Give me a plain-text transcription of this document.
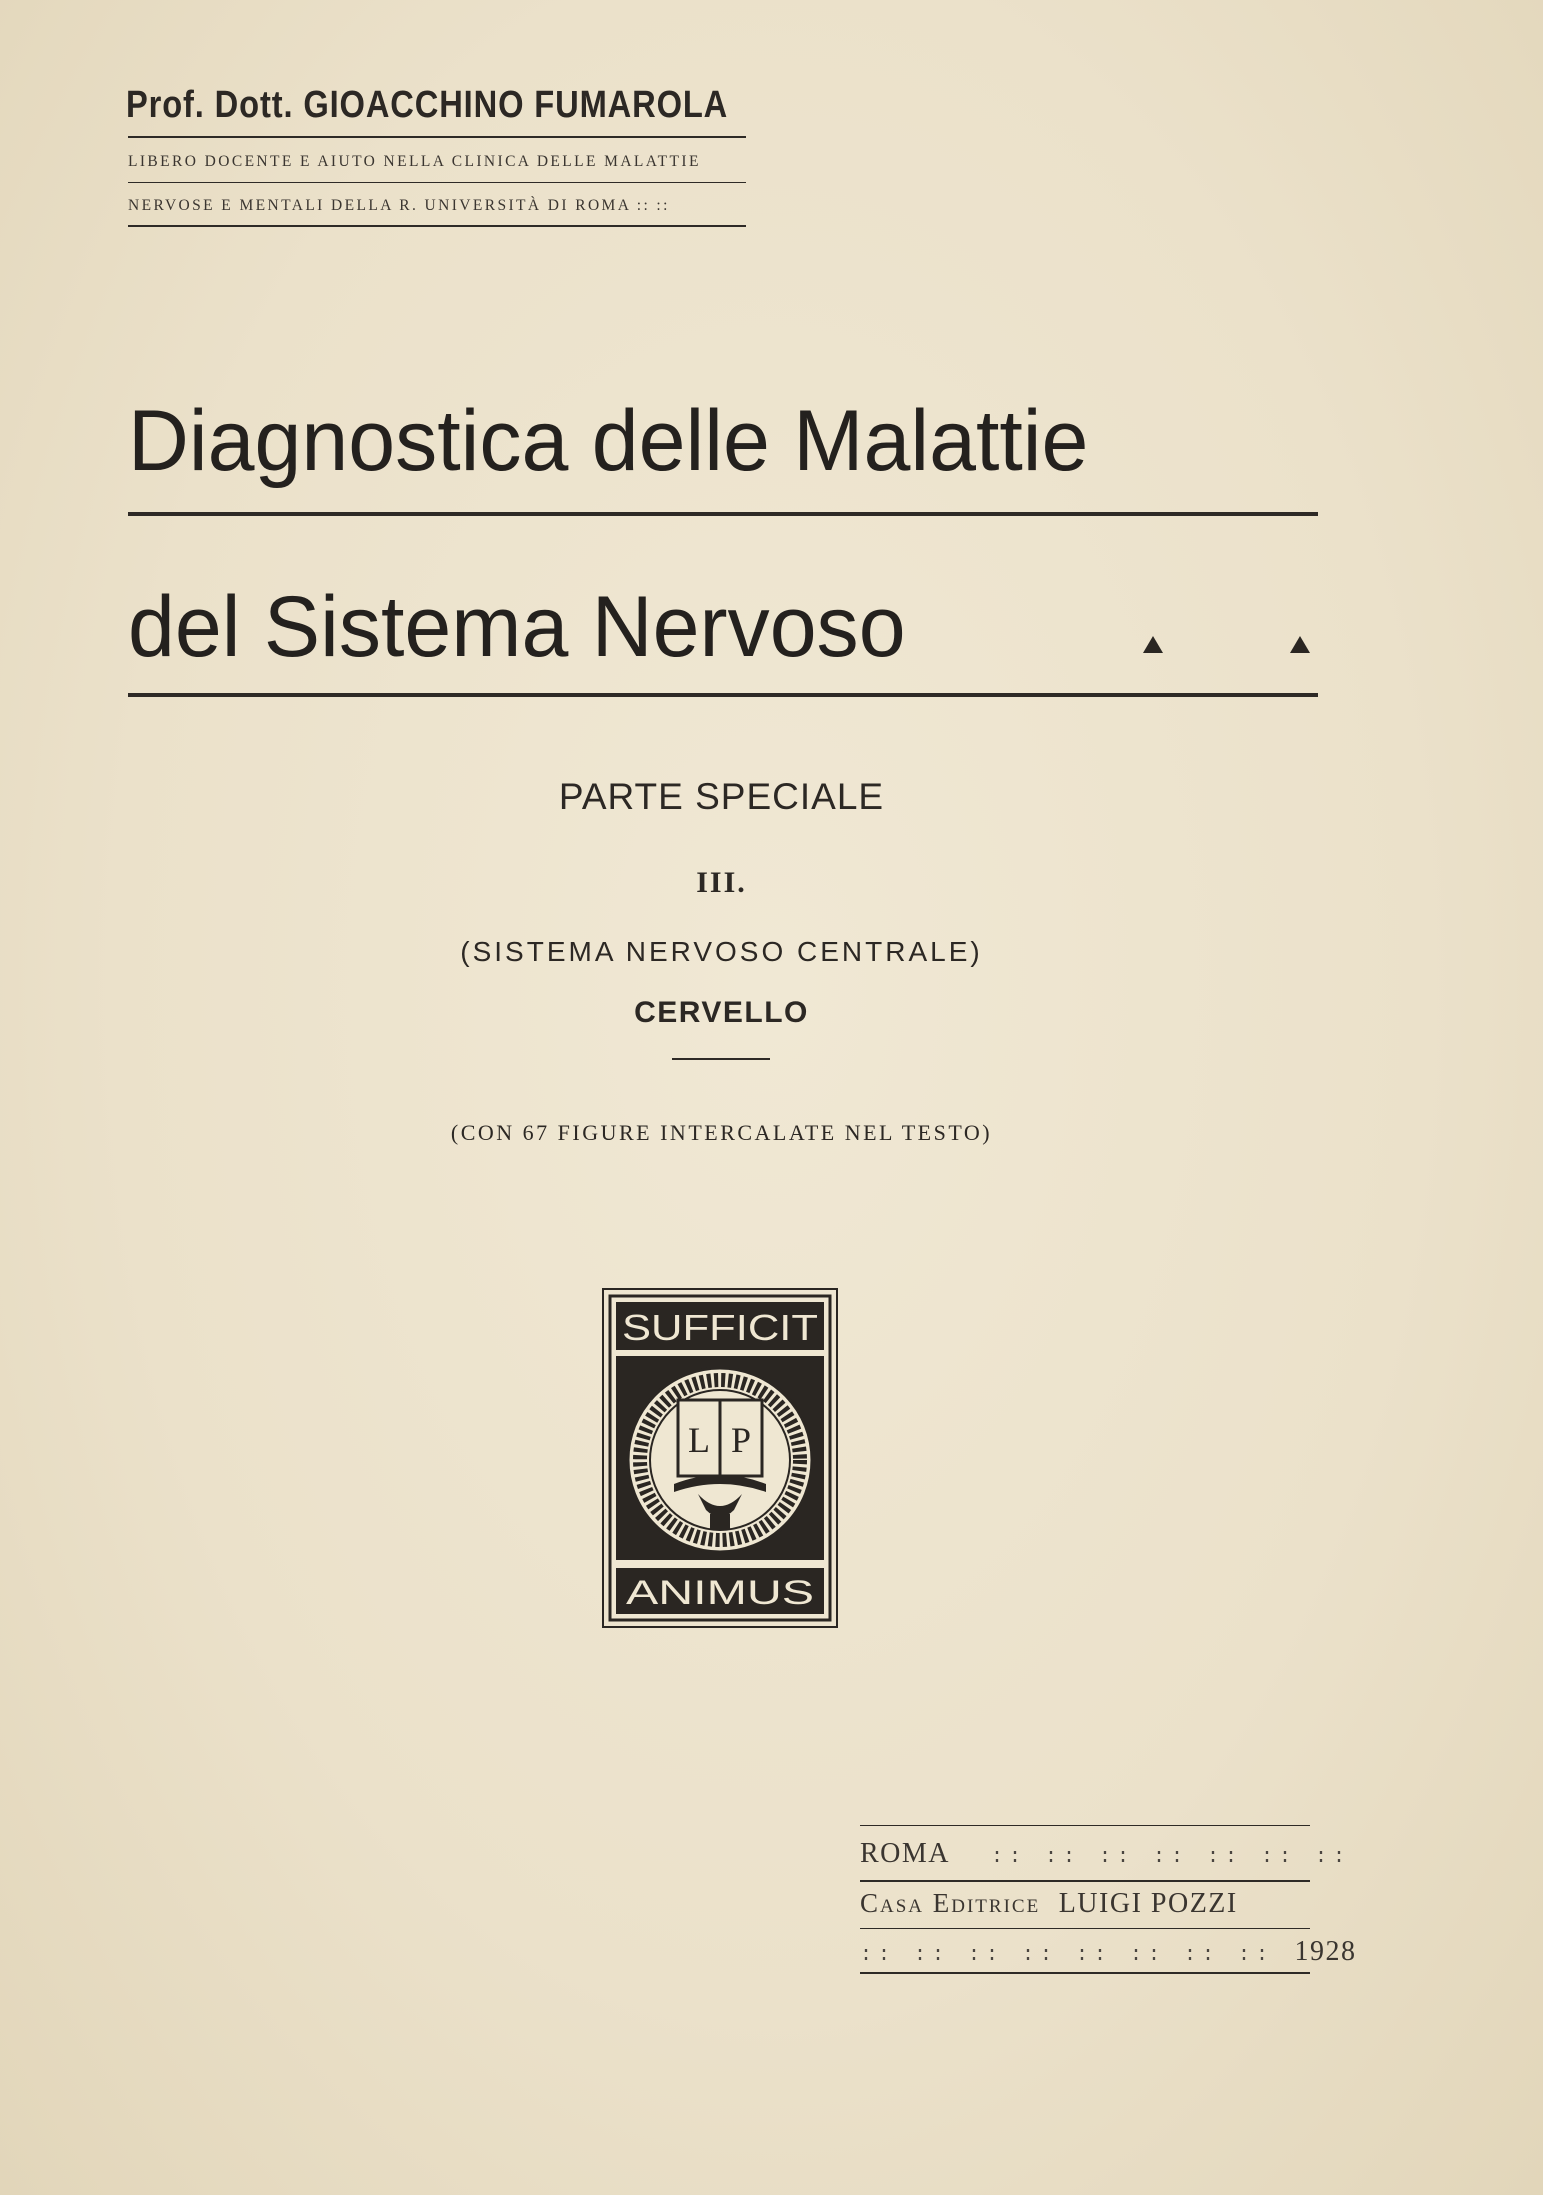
Prof. Dott. GIOACCHINO FUMAROLA
LIBERO DOCENTE E AIUTO NELLA CLINICA DELLE MALATTIE
NERVOSE E MENTALI DELLA R. UNIVERSITÀ DI ROMA :: ::
Diagnostica delle Malattie
del Sistema Nervoso
PARTE SPECIALE
III.
(SISTEMA NERVOSO CENTRALE)
CERVELLO
(CON 67 FIGURE INTERCALATE NEL TESTO)
SUFFICIT
L P
ANIMUS
ROMA :: :: :: :: :: :: ::
Casa Editrice LUIGI POZZI
:: :: :: :: :: :: :: :: 1928
